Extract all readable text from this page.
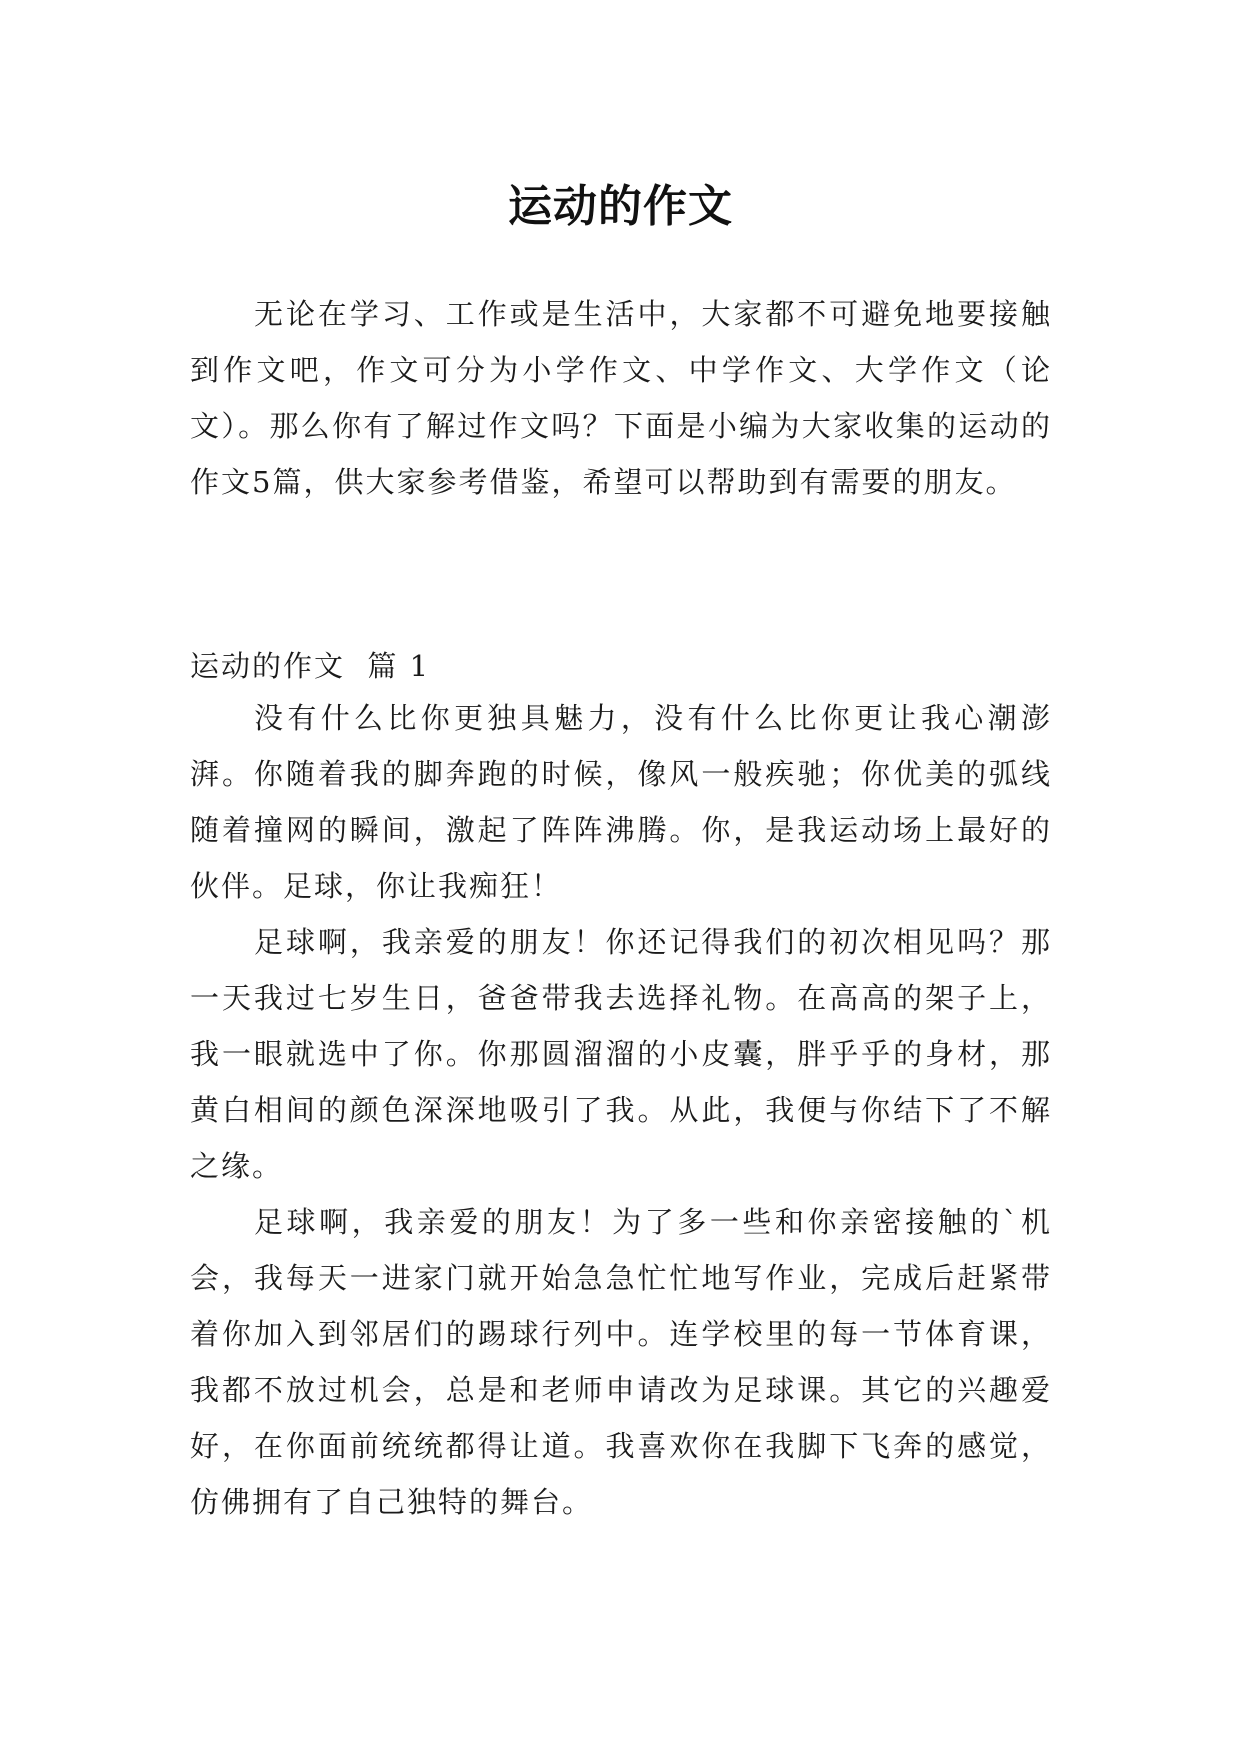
运动的作文

无论在学习、工作或是生活中，大家都不可避免地要接触到作文吧，作文可分为小学作文、中学作文、大学作文（论文）。那么你有了解过作文吗？下面是小编为大家收集的运动的作文5篇，供大家参考借鉴，希望可以帮助到有需要的朋友。

运动的作文  篇 1

没有什么比你更独具魅力，没有什么比你更让我心潮澎湃。你随着我的脚奔跑的时候，像风一般疾驰；你优美的弧线随着撞网的瞬间，激起了阵阵沸腾。你，是我运动场上最好的伙伴。足球，你让我痴狂！

足球啊，我亲爱的朋友！你还记得我们的初次相见吗？那一天我过七岁生日，爸爸带我去选择礼物。在高高的架子上，我一眼就选中了你。你那圆溜溜的小皮囊，胖乎乎的身材，那黄白相间的颜色深深地吸引了我。从此，我便与你结下了不解之缘。

足球啊，我亲爱的朋友！为了多一些和你亲密接触的`机会，我每天一进家门就开始急急忙忙地写作业，完成后赶紧带着你加入到邻居们的踢球行列中。连学校里的每一节体育课，我都不放过机会，总是和老师申请改为足球课。其它的兴趣爱好，在你面前统统都得让道。我喜欢你在我脚下飞奔的感觉，仿佛拥有了自己独特的舞台。
